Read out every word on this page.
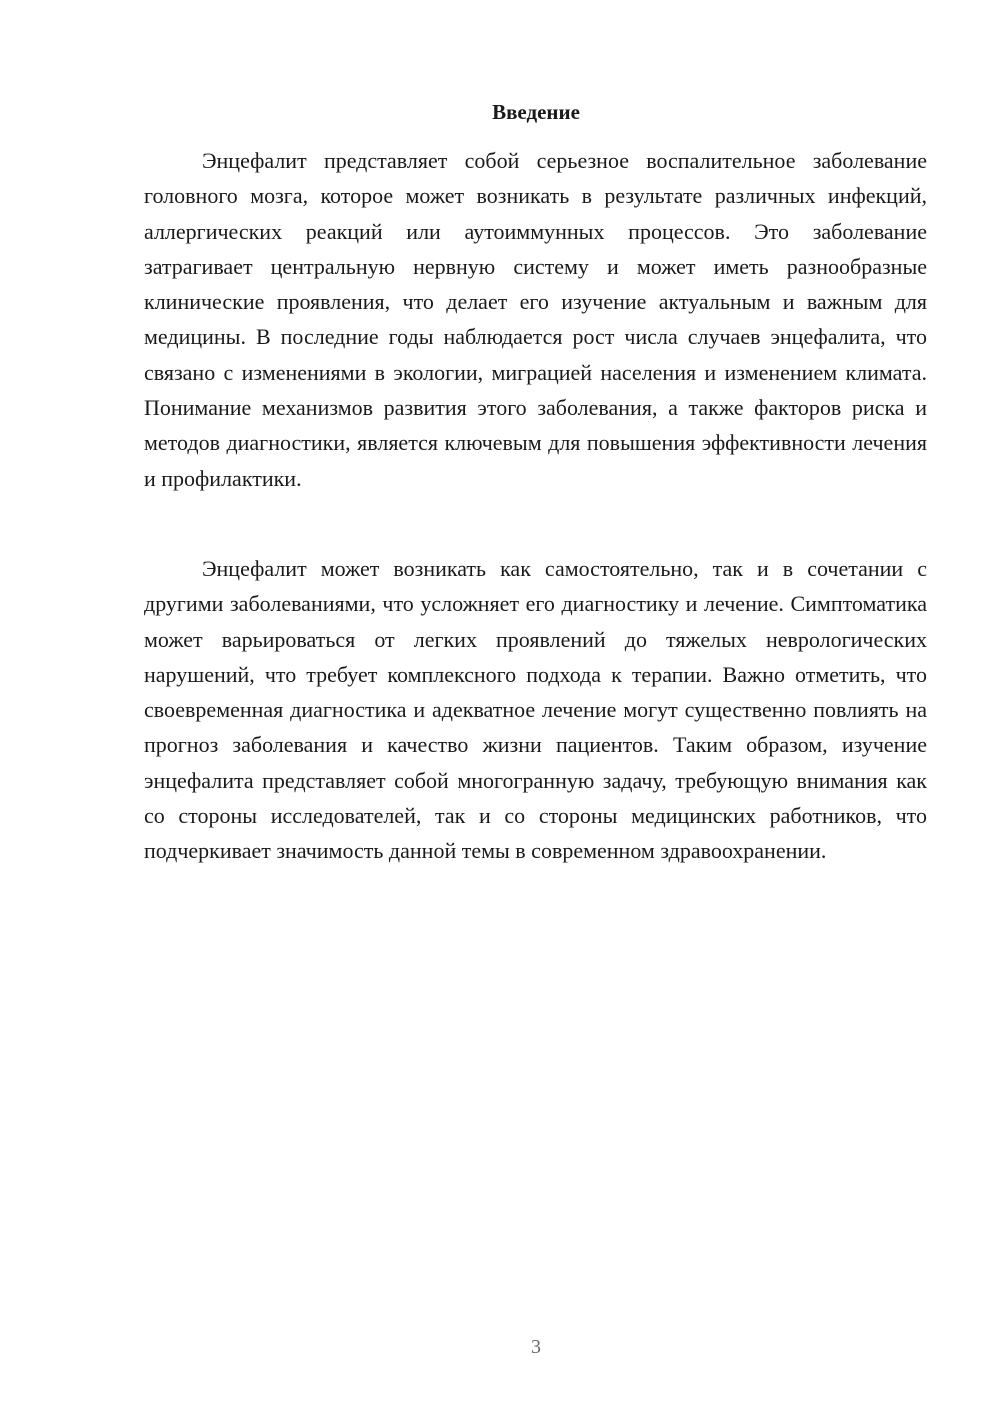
Введение

Энцефалит представляет собой серьезное воспалительное заболевание головного мозга, которое может возникать в результате различных инфекций, аллергических реакций или аутоиммунных процессов. Это заболевание затрагивает центральную нервную систему и может иметь разнообразные клинические проявления, что делает его изучение актуальным и важным для медицины. В последние годы наблюдается рост числа случаев энцефалита, что связано с изменениями в экологии, миграцией населения и изменением климата. Понимание механизмов развития этого заболевания, а также факторов риска и методов диагностики, является ключевым для повышения эффективности лечения и профилактики.

Энцефалит может возникать как самостоятельно, так и в сочетании с другими заболеваниями, что усложняет его диагностику и лечение. Симптоматика может варьироваться от легких проявлений до тяжелых неврологических нарушений, что требует комплексного подхода к терапии. Важно отметить, что своевременная диагностика и адекватное лечение могут существенно повлиять на прогноз заболевания и качество жизни пациентов. Таким образом, изучение энцефалита представляет собой многогранную задачу, требующую внимания как со стороны исследователей, так и со стороны медицинских работников, что подчеркивает значимость данной темы в современном здравоохранении.

3
